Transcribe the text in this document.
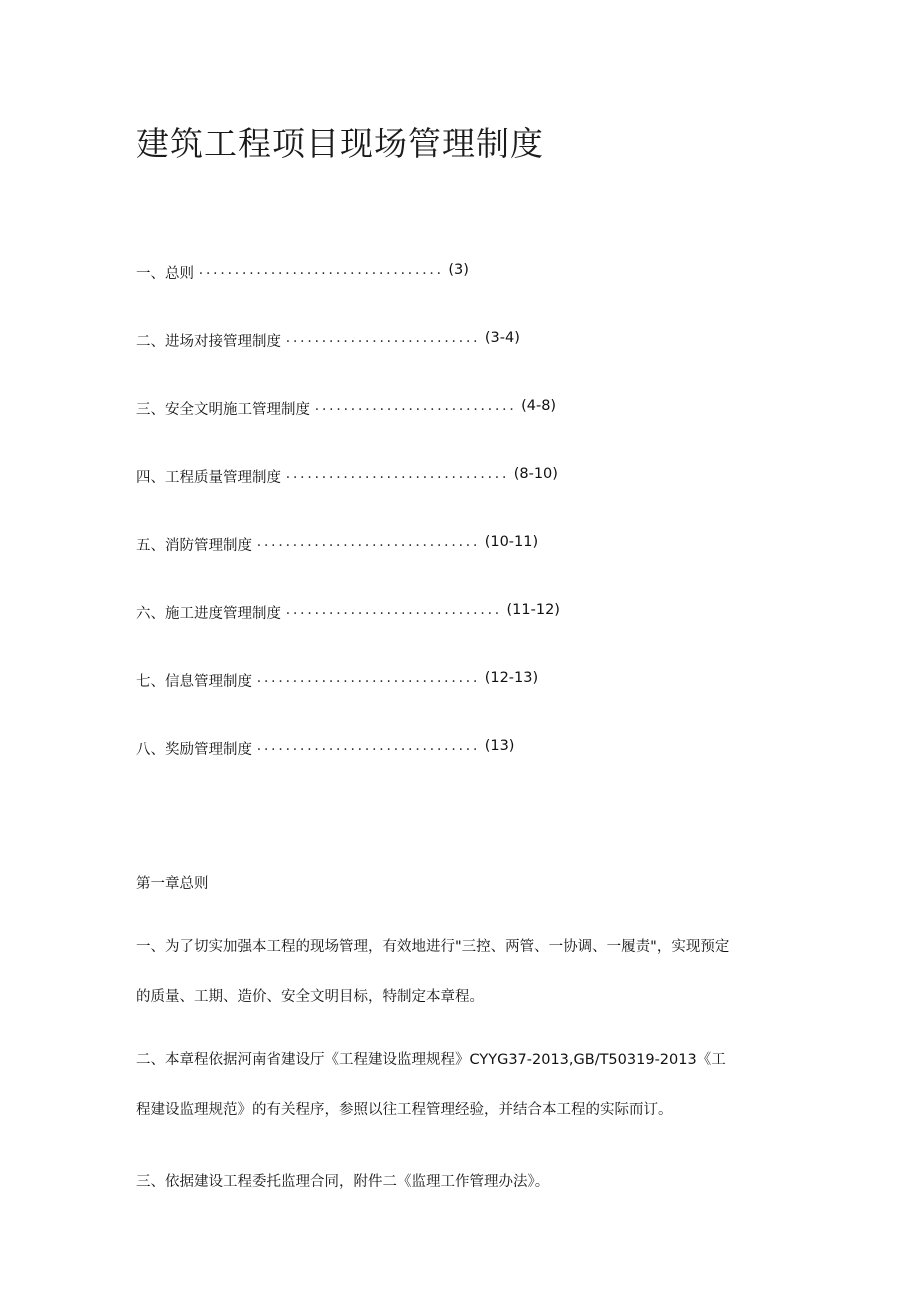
建筑工程项目现场管理制度
一、总则 .................................. (3)
二、进场对接管理制度 ........................... (3-4)
三、安全文明施工管理制度 ............................ (4-8)
四、工程质量管理制度 ............................... (8-10)
五、消防管理制度 ............................... (10-11)
六、施工进度管理制度 .............................. (11-12)
七、信息管理制度 ............................... (12-13)
八、奖励管理制度 ............................... (13)
第一章总则
一、为了切实加强本工程的现场管理，有效地进行"三控、两管、一协调、一履责"，实现预定
的质量、工期、造价、安全文明目标，特制定本章程。
二、本章程依据河南省建设厅《工程建设监理规程》CYYG37-2013,GB/T50319-2013《工
程建设监理规范》的有关程序，参照以往工程管理经验，并结合本工程的实际而订。
三、依据建设工程委托监理合同，附件二《监理工作管理办法》。
